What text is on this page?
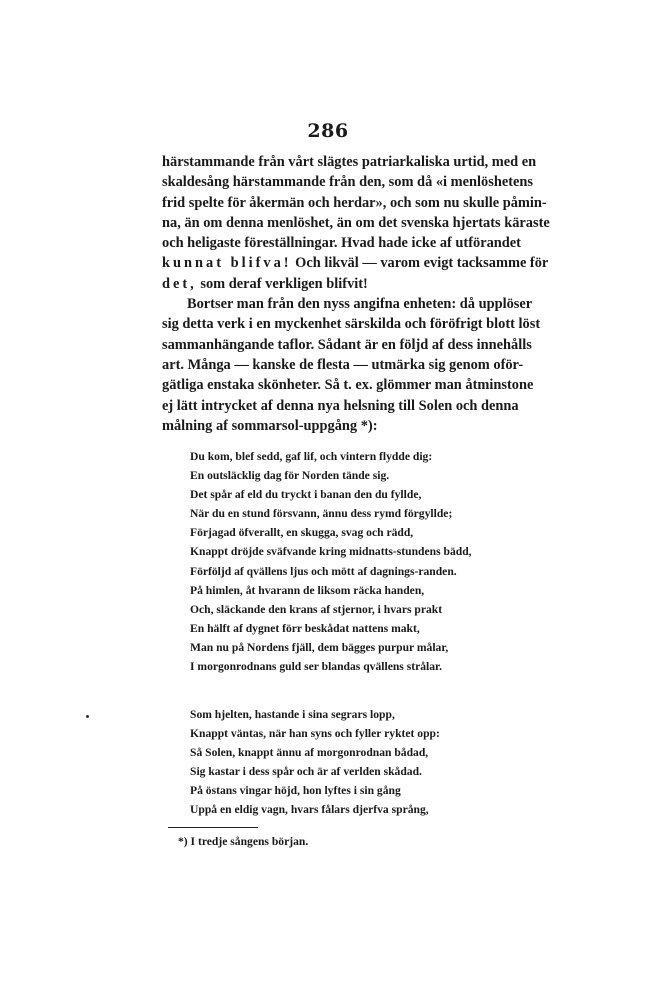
286
härstammande från vårt slägtes patriarkaliska urtid, med en
skaldesång härstammande från den, som då «i menlöshetens
frid spelte för åkermän och herdar», och som nu skulle påmin-
na, än om denna menlöshet, än om det svenska hjertats käraste
och heligaste föreställningar. Hvad hade icke af utförandet
kunnat blifva! Och likväl — varom evigt tacksamme för
det, som deraf verkligen blifvit!
Bortser man från den nyss angifna enheten: då upplöser
sig detta verk i en myckenhet särskilda och föröfrigt blott löst
sammanhängande taflor. Sådant är en följd af dess innehålls
art. Många — kanske de flesta — utmärka sig genom oför-
gätliga enstaka skönheter. Så t. ex. glömmer man åtminstone
ej lätt intrycket af denna nya helsning till Solen och denna
målning af sommarsol-uppgång *):
Du kom, blef sedd, gaf lif, och vintern flydde dig:
En outsläcklig dag för Norden tände sig.
Det spår af eld du tryckt i banan den du fyllde,
När du en stund försvann, ännu dess rymd förgyllde;
Förjagad öfverallt, en skugga, svag och rädd,
Knappt dröjde sväfvande kring midnatts-stundens bädd,
Förföljd af qvällens ljus och mött af dagnings-randen.
På himlen, åt hvarann de liksom räcka handen,
Och, släckande den krans af stjernor, i hvars prakt
En hälft af dygnet förr beskådat nattens makt,
Man nu på Nordens fjäll, dem bägges purpur målar,
I morgonrodnans guld ser blandas qvällens strålar.
Som hjelten, hastande i sina segrars lopp,
Knappt väntas, när han syns och fyller ryktet opp:
Så Solen, knappt ännu af morgonrodnan bådad,
Sig kastar i dess spår och är af verlden skådad.
På östans vingar höjd, hon lyftes i sin gång
Uppå en eldig vagn, hvars fålars djerfva språng,
*) I tredje sångens början.
